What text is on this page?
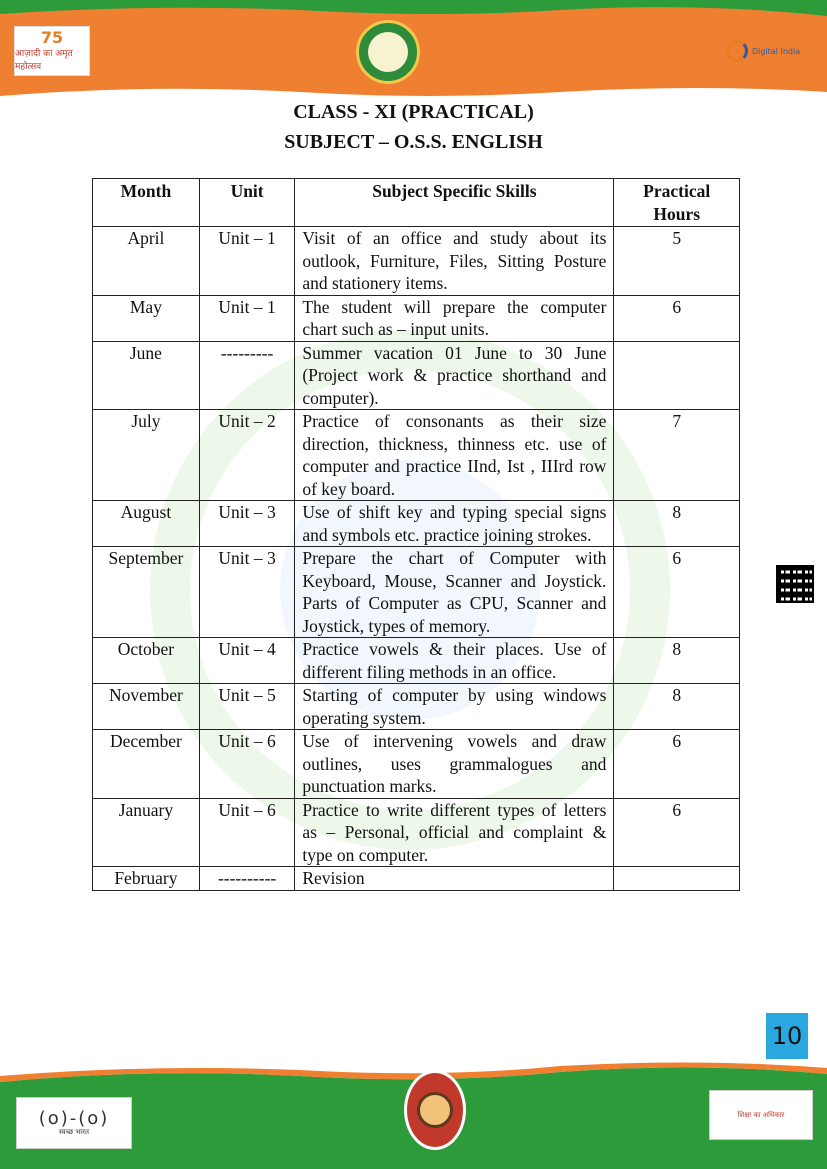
75
आज़ादी का अमृत महोत्सव
Digital India
CLASS - XI (PRACTICAL)
SUBJECT – O.S.S. ENGLISH
Month	Unit	Subject Specific Skills	Practical Hours
April	Unit – 1	Visit of an office and study about its outlook, Furniture, Files, Sitting Posture and stationery items.	5
May	Unit – 1	The student will prepare the computer chart such as – input units.	6
June	---------	Summer vacation 01 June to 30 June (Project work & practice shorthand and computer).	
July	Unit – 2	Practice of consonants as their size direction, thickness, thinness etc. use of computer and practice IInd, Ist , IIIrd row of key board.	7
August	Unit – 3	Use of shift key and typing special signs and symbols etc. practice joining strokes.	8
September	Unit – 3	Prepare the chart of Computer with Keyboard, Mouse, Scanner and Joystick. Parts of Computer as CPU, Scanner and Joystick, types of memory.	6
October	Unit – 4	Practice vowels & their places. Use of different filing methods in an office.	8
November	Unit – 5	Starting of computer by using windows operating system.	8
December	Unit – 6	Use of intervening vowels and draw outlines, uses grammalogues and punctuation marks.	6
January	Unit – 6	Practice to write different types of letters as – Personal, official and complaint & type on computer.	6
February	----------	Revision	
10
(o)-(o)
स्वच्छ भारत
शिक्षा का अधिकार
